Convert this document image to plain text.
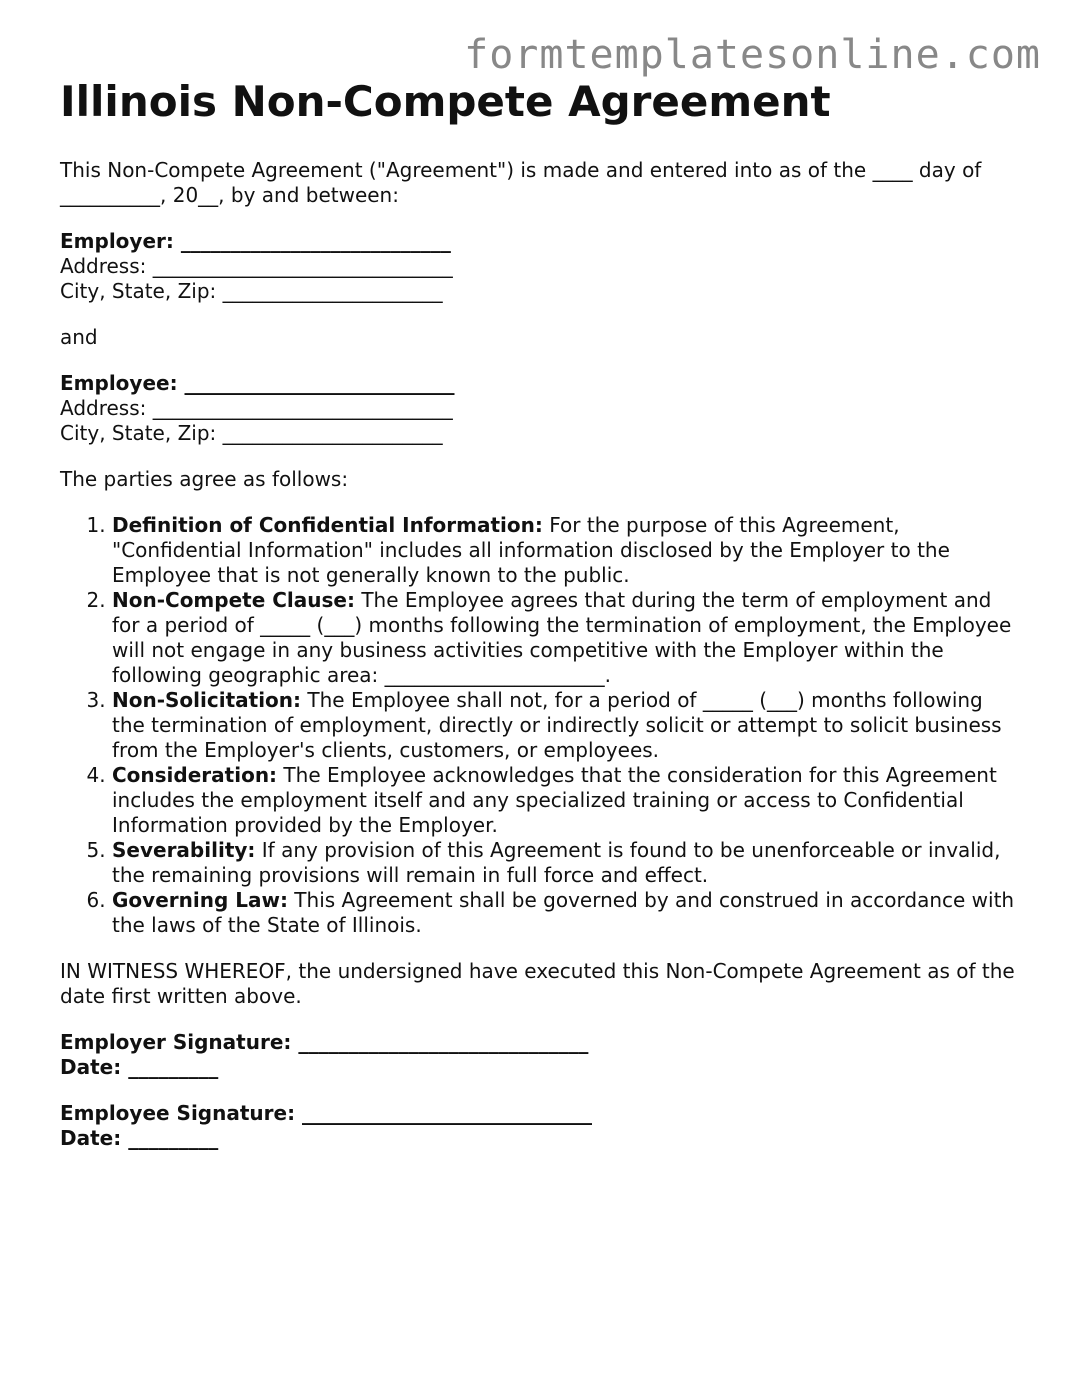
formtemplatesonline.com
Illinois Non-Compete Agreement

This Non-Compete Agreement ("Agreement") is made and entered into as of the ____ day of __________, 20__, by and between:

Employer: ___________________________
Address: ______________________________
City, State, Zip: ______________________

and

Employee: ___________________________
Address: ______________________________
City, State, Zip: ______________________

The parties agree as follows:

1. Definition of Confidential Information: For the purpose of this Agreement, "Confidential Information" includes all information disclosed by the Employer to the Employee that is not generally known to the public.
2. Non-Compete Clause: The Employee agrees that during the term of employment and for a period of _____ (___) months following the termination of employment, the Employee will not engage in any business activities competitive with the Employer within the following geographic area: ______________________.
3. Non-Solicitation: The Employee shall not, for a period of _____ (___) months following the termination of employment, directly or indirectly solicit or attempt to solicit business from the Employer's clients, customers, or employees.
4. Consideration: The Employee acknowledges that the consideration for this Agreement includes the employment itself and any specialized training or access to Confidential Information provided by the Employer.
5. Severability: If any provision of this Agreement is found to be unenforceable or invalid, the remaining provisions will remain in full force and effect.
6. Governing Law: This Agreement shall be governed by and construed in accordance with the laws of the State of Illinois.

IN WITNESS WHEREOF, the undersigned have executed this Non-Compete Agreement as of the date first written above.

Employer Signature: _____________________________
Date: _________
Employee Signature: _____________________________
Date: _________
